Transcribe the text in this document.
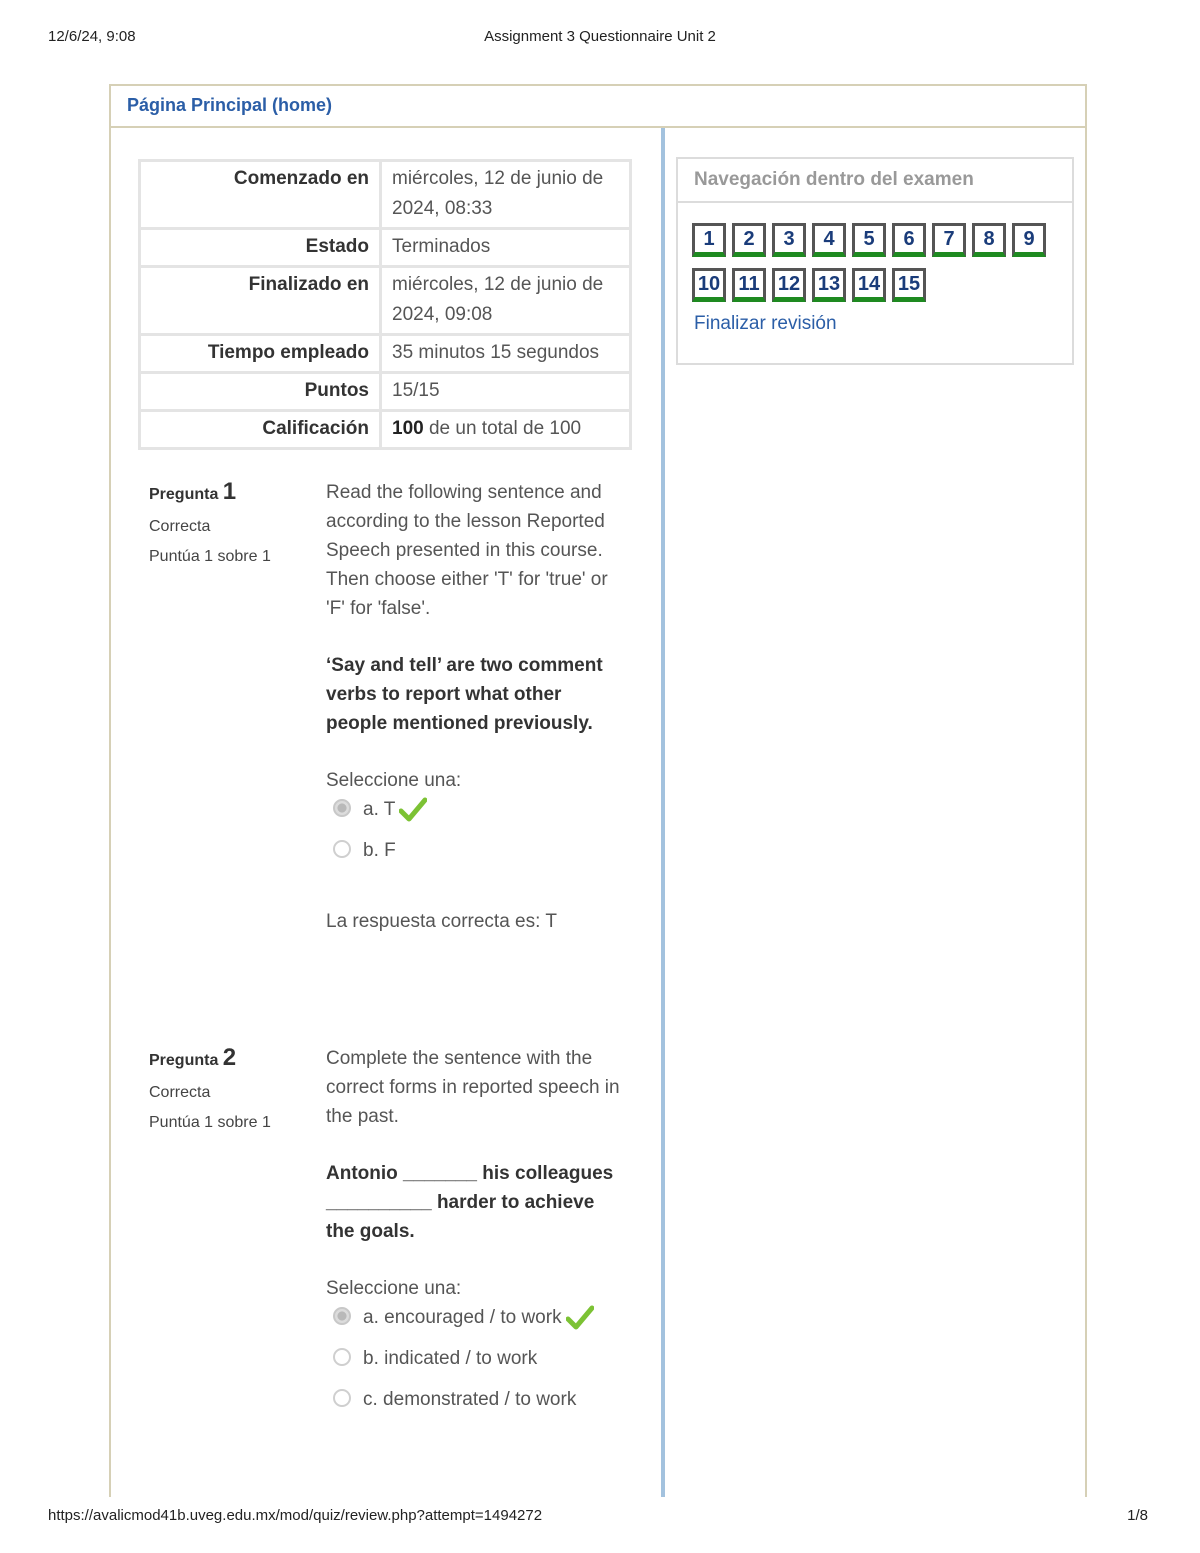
12/6/24, 9:08	Assignment 3 Questionnaire Unit 2
Página Principal (home)
Comenzado en	miércoles, 12 de junio de 2024, 08:33
Estado	Terminados
Finalizado en	miércoles, 12 de junio de 2024, 09:08
Tiempo empleado	35 minutos 15 segundos
Puntos	15/15
Calificación	100 de un total de 100
Navegación dentro del examen
1	2	3	4	5	6	7	8	9
10 11 12 13 14 15
Finalizar revisión
Pregunta 1
Correcta
Puntúa 1 sobre 1
Read the following sentence and according to the lesson Reported Speech presented in this course. Then choose either 'T' for 'true' or 'F' for 'false'.
‘Say and tell’ are two comment verbs to report what other people mentioned previously.
Seleccione una:
a. T
b. F
La respuesta correcta es: T
Pregunta 2
Correcta
Puntúa 1 sobre 1
Complete the sentence with the correct forms in reported speech in the past.
Antonio _______ his colleagues __________ harder to achieve the goals.
Seleccione una:
a. encouraged / to work
b. indicated / to work
c. demonstrated / to work
https://avalicmod41b.uveg.edu.mx/mod/quiz/review.php?attempt=1494272	1/8
